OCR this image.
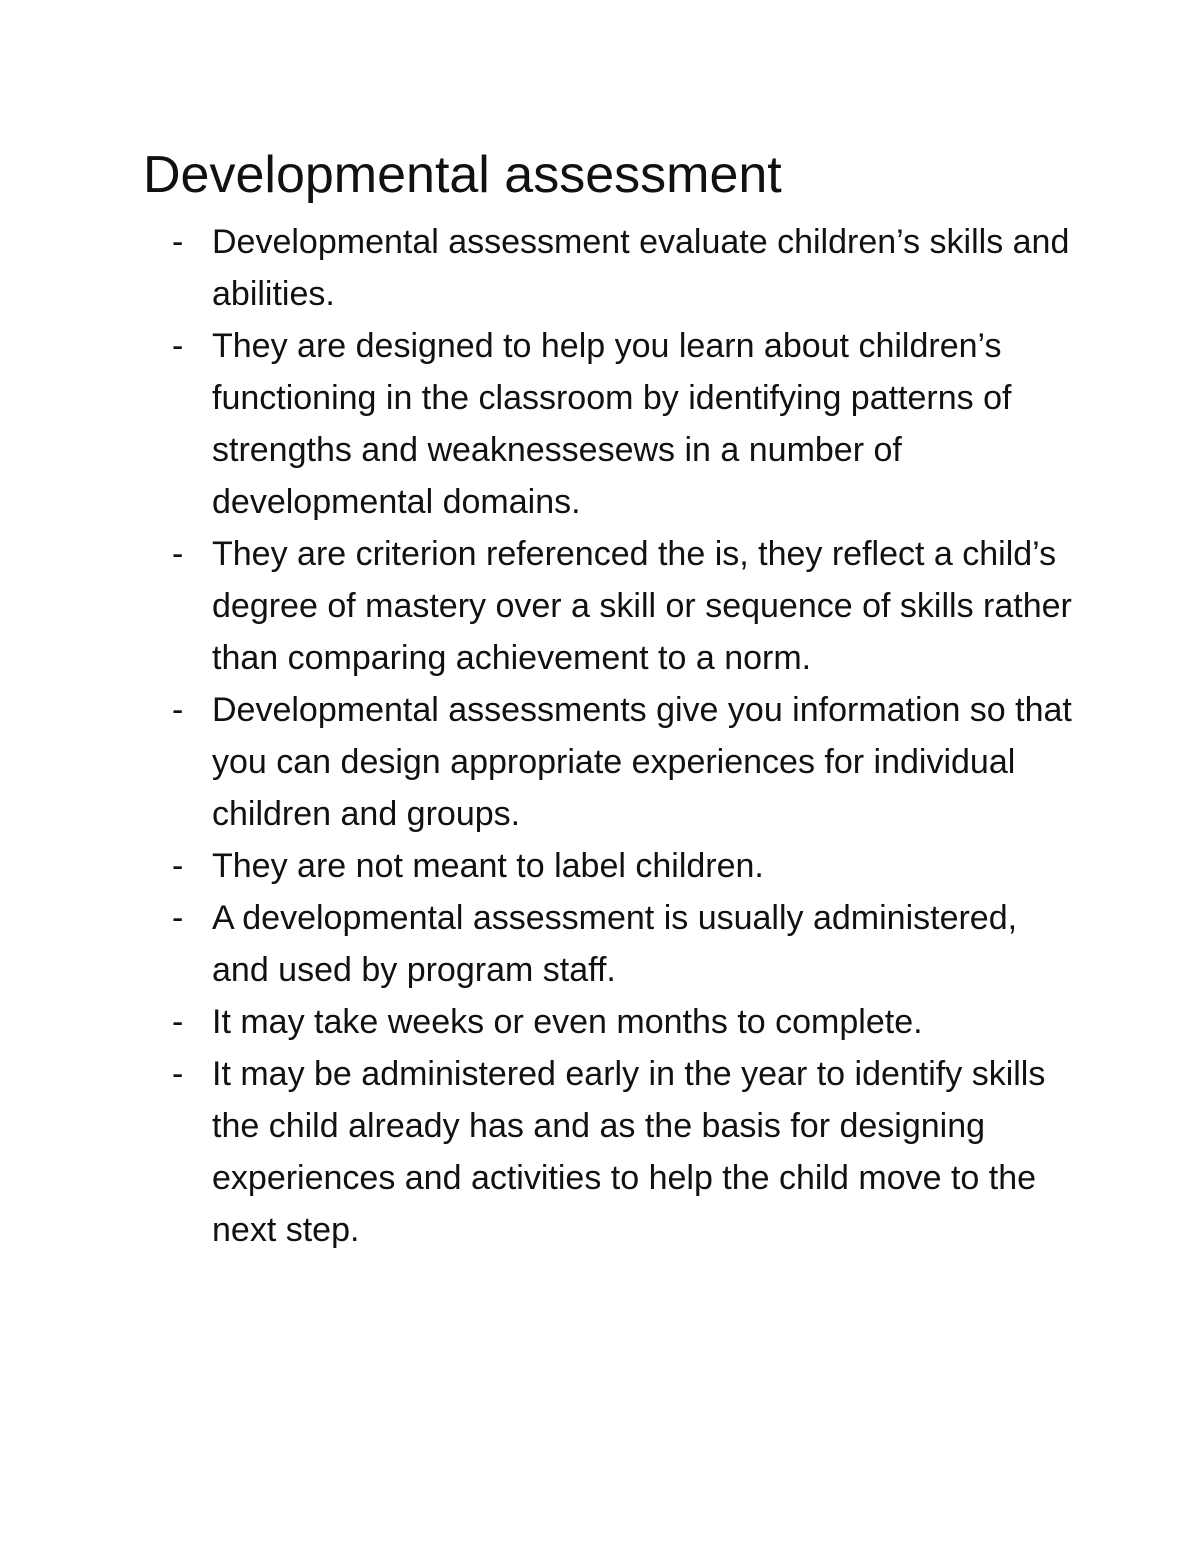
Developmental assessment
- Developmental assessment evaluate children’s skills and abilities.
- They are designed to help you learn about children’s functioning in the classroom by identifying patterns of strengths and weaknessesews in a number of developmental domains.
- They are criterion referenced the is, they reflect a child’s degree of mastery over a skill or sequence of skills rather than comparing achievement to a norm.
- Developmental assessments give you information so that you can design appropriate experiences for individual children and groups.
- They are not meant to label children.
- A developmental assessment is usually administered, and used by program staff.
- It may take weeks or even months to complete.
- It may be administered early in the year to identify skills the child already has and as the basis for designing experiences and activities to help the child move to the next step.
